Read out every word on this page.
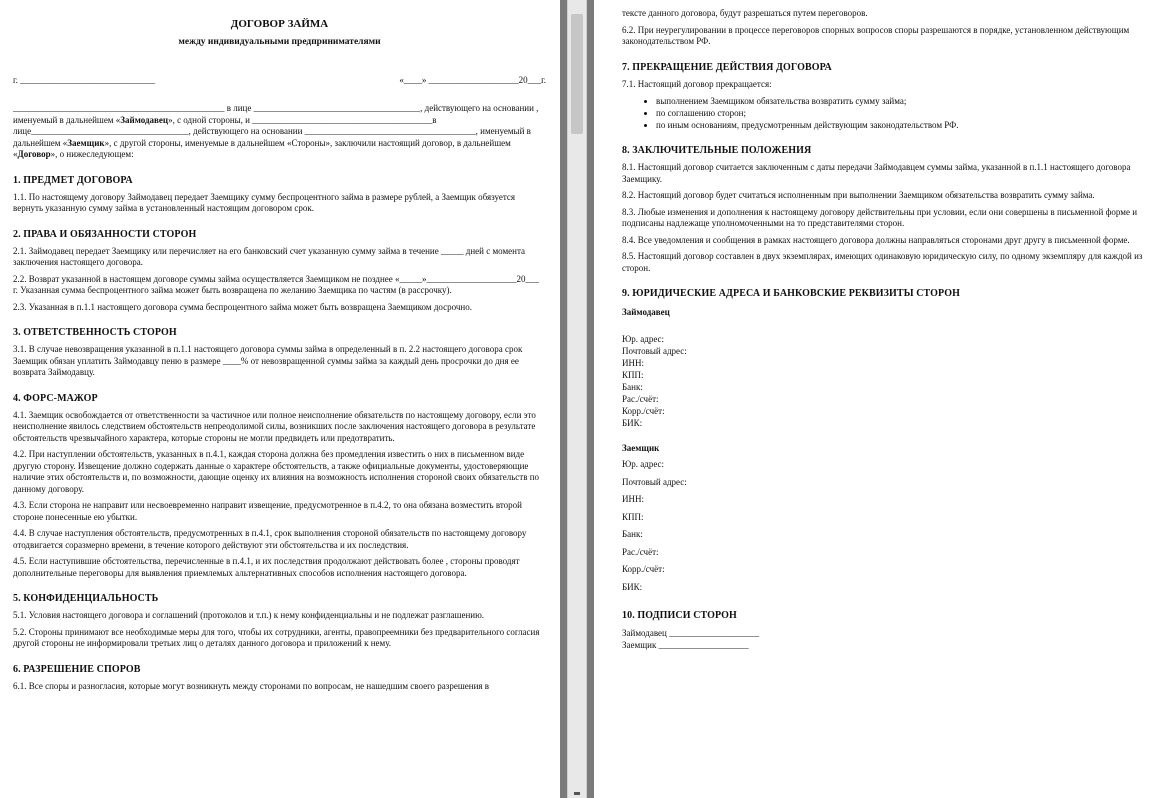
ДОГОВОР ЗАЙМА
между индивидуальными предпринимателями
г. ______________________________	«____» ____________________20___г.

_______________________________________________ в лице _____________________________________, действующего на основании , именуемый в дальнейшем «Займодавец», с одной стороны, и ________________________________________в лице___________________________________, действующего на основании ______________________________________, именуемый в дальнейшем «Заемщик», с другой стороны, именуемые в дальнейшем «Стороны», заключили настоящий договор, в дальнейшем «Договор», о нижеследующем:

1. ПРЕДМЕТ ДОГОВОРА

1.1. По настоящему договору Займодавец передает Заемщику сумму беспроцентного займа в размере рублей, а Заемщик обязуется вернуть указанную сумму займа в установленный настоящим договором срок.

2. ПРАВА И ОБЯЗАННОСТИ СТОРОН

2.1. Займодавец передает Заемщику или перечисляет на его банковский счет указанную сумму займа в течение _____ дней с момента заключения настоящего договора.

2.2. Возврат указанной в настоящем договоре суммы займа осуществляется Заемщиком не позднее «_____»____________________20___ г. Указанная сумма беспроцентного займа может быть возвращена по желанию Заемщика по частям (в рассрочку).

2.3. Указанная в п.1.1 настоящего договора сумма беспроцентного займа может быть возвращена Заемщиком досрочно.

3. ОТВЕТСТВЕННОСТЬ СТОРОН

3.1. В случае невозвращения указанной в п.1.1 настоящего договора суммы займа в определенный в п. 2.2 настоящего договора срок Заемщик обязан уплатить Займодавцу пеню в размере ____% от невозвращенной суммы займа за каждый день просрочки до дня ее возврата Займодавцу.

4. ФОРС-МАЖОР

4.1. Заемщик освобождается от ответственности за частичное или полное неисполнение обязательств по настоящему договору, если это неисполнение явилось следствием обстоятельств непреодолимой силы, возникших после заключения настоящего договора в результате обстоятельств чрезвычайного характера, которые стороны не могли предвидеть или предотвратить.

4.2. При наступлении обстоятельств, указанных в п.4.1, каждая сторона должна без промедления известить о них в письменном виде другую сторону. Извещение должно содержать данные о характере обстоятельств, а также официальные документы, удостоверяющие наличие этих обстоятельств и, по возможности, дающие оценку их влияния на возможность исполнения стороной своих обязательств по данному договору.

4.3. Если сторона не направит или несвоевременно направит извещение, предусмотренное в п.4.2, то она обязана возместить второй стороне понесенные ею убытки.

4.4. В случае наступления обстоятельств, предусмотренных в п.4.1, срок выполнения стороной обязательств по настоящему договору отодвигается соразмерно времени, в течение которого действуют эти обстоятельства и их последствия.

4.5. Если наступившие обстоятельства, перечисленные в п.4.1, и их последствия продолжают действовать более , стороны проводят дополнительные переговоры для выявления приемлемых альтернативных способов исполнения настоящего договора.

5. КОНФИДЕНЦИАЛЬНОСТЬ

5.1. Условия настоящего договора и соглашений (протоколов и т.п.) к нему конфиденциальны и не подлежат разглашению.

5.2. Стороны принимают все необходимые меры для того, чтобы их сотрудники, агенты, правопреемники без предварительного согласия другой стороны не информировали третьих лиц о деталях данного договора и приложений к нему.

6. РАЗРЕШЕНИЕ СПОРОВ

6.1. Все споры и разногласия, которые могут возникнуть между сторонами по вопросам, не нашедшим своего разрешения в

тексте данного договора, будут разрешаться путем переговоров.

6.2. При неурегулировании в процессе переговоров спорных вопросов споры разрешаются в порядке, установленном действующим законодательством РФ.

7. ПРЕКРАЩЕНИЕ ДЕЙСТВИЯ ДОГОВОРА

7.1. Настоящий договор прекращается:

• выполнением Заемщиком обязательства возвратить сумму займа;
• по соглашению сторон;
• по иным основаниям, предусмотренным действующим законодательством РФ.
8. ЗАКЛЮЧИТЕЛЬНЫЕ ПОЛОЖЕНИЯ

8.1. Настоящий договор считается заключенным с даты передачи Займодавцем суммы займа, указанной в п.1.1 настоящего договора Заемщику.

8.2. Настоящий договор будет считаться исполненным при выполнении Заемщиком обязательства возвратить сумму займа.

8.3. Любые изменения и дополнения к настоящему договору действительны при условии, если они совершены в письменной форме и подписаны надлежаще уполномоченными на то представителями сторон.

8.4. Все уведомления и сообщения в рамках настоящего договора должны направляться сторонами друг другу в письменной форме.

8.5. Настоящий договор составлен в двух экземплярах, имеющих одинаковую юридическую силу, по одному экземпляру для каждой из сторон.

9. ЮРИДИЧЕСКИЕ АДРЕСА И БАНКОВСКИЕ РЕКВИЗИТЫ СТОРОН
Займодавец
Юр. адрес:
Почтовый адрес:
ИНН:
КПП:
Банк:
Рас./счёт:
Корр./счёт:
БИК:
Заемщик
Юр. адрес:
Почтовый адрес:
ИНН:
КПП:
Банк:
Рас./счёт:
Корр./счёт:
БИК:
10. ПОДПИСИ СТОРОН
Займодавец ____________________
Заемщик ____________________
